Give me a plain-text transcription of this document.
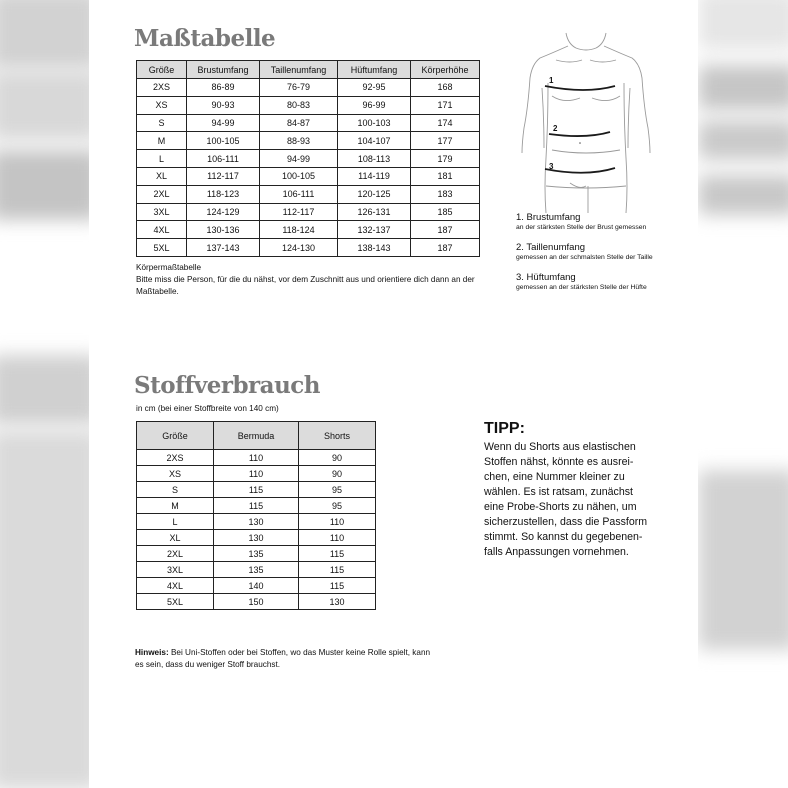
Maßtabelle
Größe	Brustumfang	Taillenumfang	Hüftumfang	Körperhöhe
2XS	86-89	76-79	92-95	168
XS	90-93	80-83	96-99	171
S	94-99	84-87	100-103	174
M	100-105	88-93	104-107	177
L	106-111	94-99	108-113	179
XL	112-117	100-105	114-119	181
2XL	118-123	106-111	120-125	183
3XL	124-129	112-117	126-131	185
4XL	130-136	118-124	132-137	187
5XL	137-143	124-130	138-143	187
Körpermaßtabelle
Bitte miss die Person, für die du nähst, vor dem Zuschnitt aus und orientiere dich dann an der Maßtabelle.
1
2
3
1. Brustumfang
an der stärksten Stelle der Brust gemessen
2. Taillenumfang
gemessen an der schmalsten Stelle der Taille
3. Hüftumfang
gemessen an der stärksten Stelle der Hüfte
Stoffverbrauch
in cm (bei einer Stoffbreite von 140 cm)
Größe	Bermuda	Shorts
2XS	110	90
XS	110	90
S	115	95
M	115	95
L	130	110
XL	130	110
2XL	135	115
3XL	135	115
4XL	140	115
5XL	150	130
Hinweis: Bei Uni-Stoffen oder bei Stoffen, wo das Muster keine Rolle spielt, kann es sein, dass du weniger Stoff brauchst.
TIPP:
Wenn du Shorts aus elastischen
Stoffen nähst, könnte es ausrei-
chen, eine Nummer kleiner zu
wählen. Es ist ratsam, zunächst
eine Probe-Shorts zu nähen, um
sicherzustellen, dass die Passform
stimmt. So kannst du gegebenen-
falls Anpassungen vornehmen.
